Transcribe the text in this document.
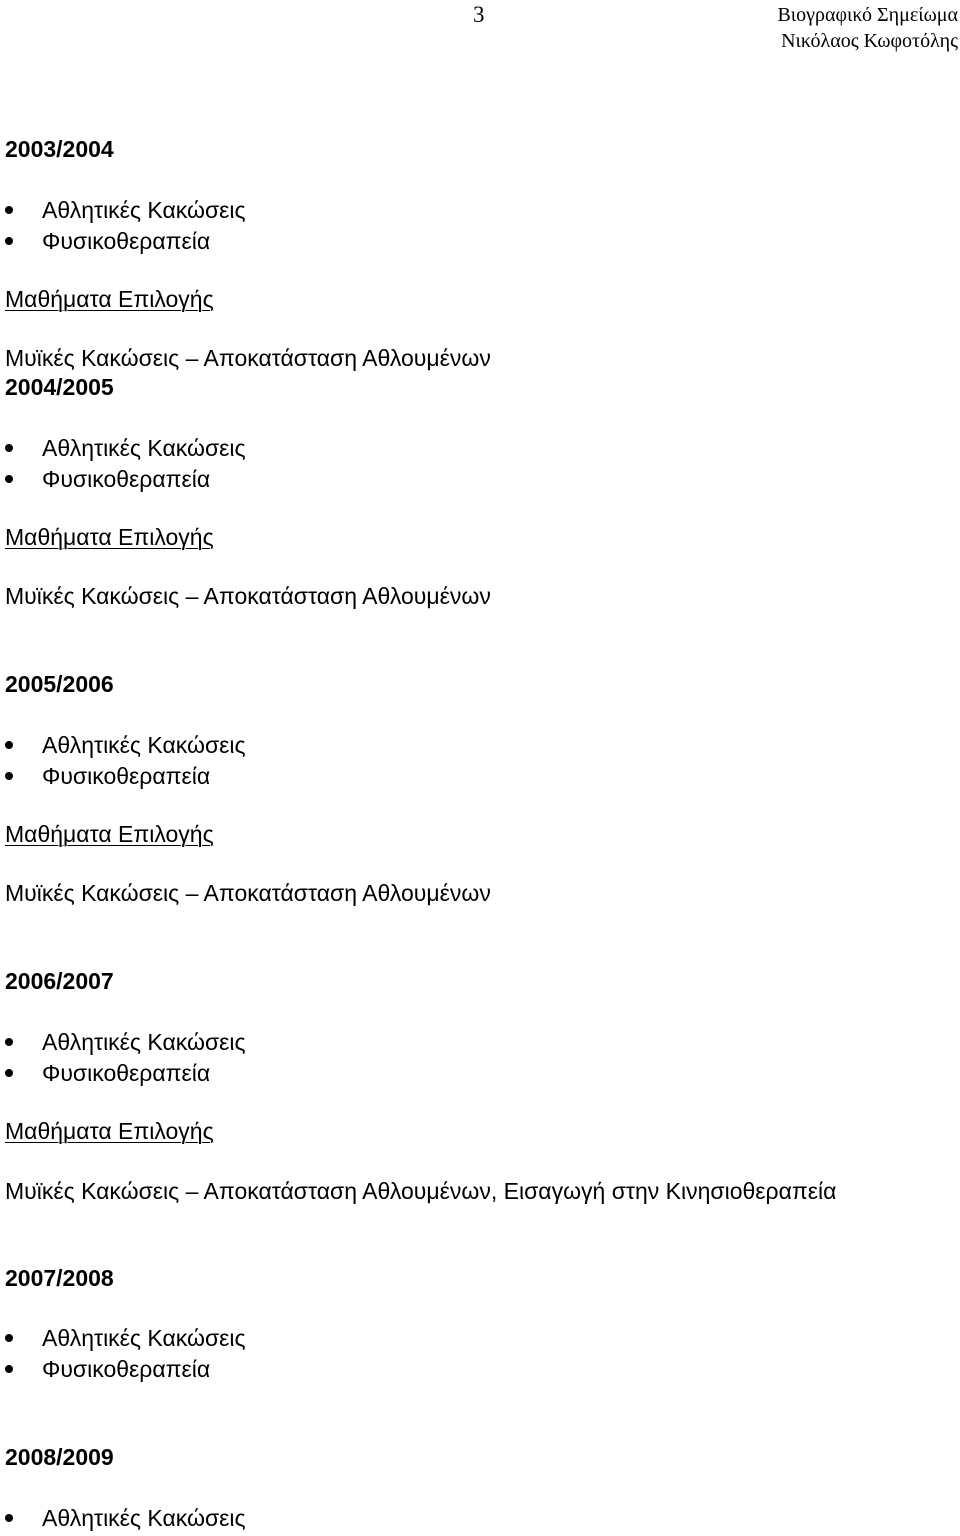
3	Βιογραφικό Σημείωμα
Νικόλαος Κωφοτόλης
2003/2004
Αθλητικές Κακώσεις
Φυσικοθεραπεία
Μαθήματα Επιλογής
Μυϊκές Κακώσεις – Αποκατάσταση Αθλουμένων
2004/2005
Αθλητικές Κακώσεις
Φυσικοθεραπεία
Μαθήματα Επιλογής
Μυϊκές Κακώσεις – Αποκατάσταση Αθλουμένων
2005/2006
Αθλητικές Κακώσεις
Φυσικοθεραπεία
Μαθήματα Επιλογής
Μυϊκές Κακώσεις – Αποκατάσταση Αθλουμένων
2006/2007
Αθλητικές Κακώσεις
Φυσικοθεραπεία
Μαθήματα Επιλογής
Μυϊκές Κακώσεις – Αποκατάσταση Αθλουμένων, Εισαγωγή στην Κινησιοθεραπεία
2007/2008
Αθλητικές Κακώσεις
Φυσικοθεραπεία
2008/2009
Αθλητικές Κακώσεις
